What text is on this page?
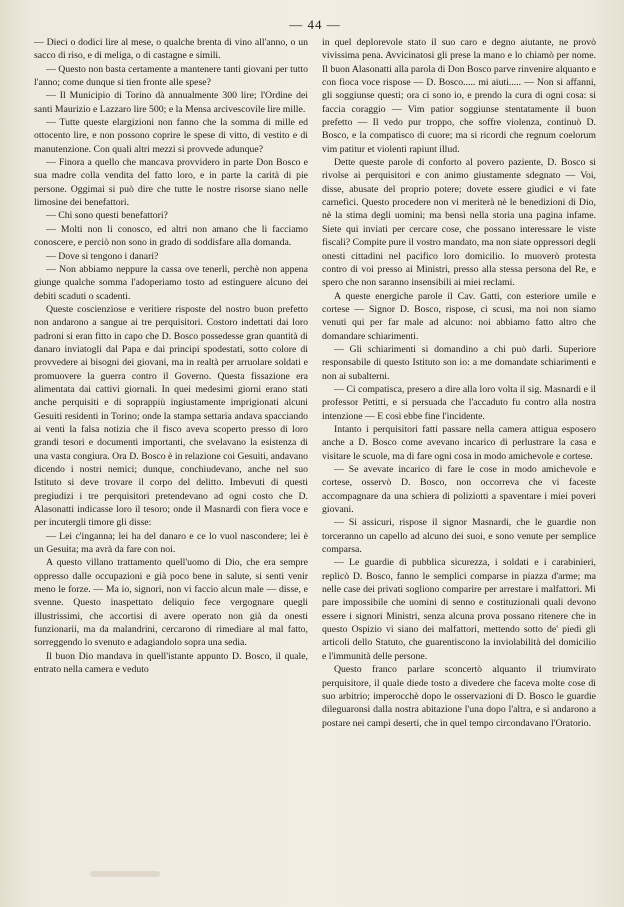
— 44 —

— Dieci o dodici lire al mese, o qualche brenta di vino all'anno, o un sacco di riso, e di meliga, o di castagne e simili.

— Questo non basta certamente a mantenere tanti giovani per tutto l'anno; come dunque si tien fronte alle spese?

— Il Municipio di Torino dà annualmente 300 lire; l'Ordine dei santi Maurizio e Lazzaro lire 500; e la Mensa arcivescovile lire mille.

— Tutte queste elargizioni non fanno che la somma di mille ed ottocento lire, e non possono coprire le spese di vitto, di vestito e di manutenzione. Con quali altri mezzi si provvede adunque?

— Finora a quello che mancava provvidero in parte Don Bosco e sua madre colla vendita del fatto loro, e in parte la carità di pie persone. Oggimai si può dire che tutte le nostre risorse siano nelle limosine dei benefattori.

— Chi sono questi benefattori?

— Molti non li conosco, ed altri non amano che li facciamo conoscere, e perciò non sono in grado di soddisfare alla domanda.

— Dove si tengono i danari?

— Non abbiamo neppure la cassa ove tenerli, perchè non appena giunge qualche somma l'adoperiamo tosto ad estinguere alcuno dei debiti scaduti o scadenti.

Queste coscienziose e veritiere risposte del nostro buon prefetto non andarono a sangue ai tre perquisitori. Costoro indettati dai loro padroni si eran fitto in capo che D. Bosco possedesse gran quantità di danaro inviatogli dal Papa e dai principi spodestati, sotto colore di provvedere ai bisogni dei giovani, ma in realtà per arruolare soldati e promuovere la guerra contro il Governo. Questa fissazione era alimentata dai cattivi giornali. In quei medesimi giorni erano stati anche perquisiti e di soprappiù ingiustamente imprigionati alcuni Gesuiti residenti in Torino; onde la stampa settaria andava spacciando ai venti la falsa notizia che il fisco aveva scoperto presso di loro grandi tesori e documenti importanti, che svelavano la esistenza di una vasta congiura. Ora D. Bosco è in relazione coi Gesuiti, andavano dicendo i nostri nemici; dunque, conchiudevano, anche nel suo Istituto si deve trovare il corpo del delitto. Imbevuti di questi pregiudizi i tre perquisitori pretendevano ad ogni costo che D. Alasonatti indicasse loro il tesoro; onde il Masnardi con fiera voce e per incutergli timore gli disse:

— Lei c'inganna; lei ha del danaro e ce lo vuol nascondere; lei è un Gesuita; ma avrà da fare con noi.

A questo villano trattamento quell'uomo di Dio, che era sempre oppresso dalle occupazioni e già poco bene in salute, si sentì venir meno le forze. — Ma io, signori, non vi faccio alcun male — disse, e svenne. Questo inaspettato deliquio fece vergognare quegli illustrissimi, che accortisi di avere operato non già da onesti funzionarii, ma da malandrini, cercarono di rimediare al mal fatto, sorreggendo lo svenuto e adagiandolo sopra una sedia.

Il buon Dio mandava in quell'istante appunto D. Bosco, il quale, entrato nella camera e veduto

in quel deplorevole stato il suo caro e degno aiutante, ne provò vivissima pena. Avvicinatosi gli prese la mano e lo chiamò per nome. Il buon Alasonatti alla parola di Don Bosco parve rinvenire alquanto e con fioca voce rispose — D. Bosco..... mi aiuti..... — Non si affanni, gli soggiunse questi; ora ci sono io, e prendo la cura di ogni cosa: si faccia coraggio — Vim patior soggiunse stentatamente il buon prefetto — Il vedo pur troppo, che soffre violenza, continuò D. Bosco, e la compatisco di cuore; ma si ricordi che regnum coelorum vim patitur et violenti rapiunt illud.

Dette queste parole di conforto al povero paziente, D. Bosco si rivolse ai perquisitori e con animo giustamente sdegnato — Voi, disse, abusate del proprio potere; dovete essere giudici e vi fate carnefici. Questo procedere non vi meriterà nè le benedizioni di Dio, nè la stima degli uomini; ma bensì nella storia una pagina infame. Siete qui inviati per cercare cose, che possano interessare le viste fiscali? Compite pure il vostro mandato, ma non siate oppressori degli onesti cittadini nel pacifico loro domicilio. Io muoverò protesta contro di voi presso ai Ministri, presso alla stessa persona del Re, e spero che non saranno insensibili ai miei reclami.

A queste energiche parole il Cav. Gatti, con esteriore umile e cortese — Signor D. Bosco, rispose, ci scusi, ma noi non siamo venuti qui per far male ad alcuno: noi abbiamo fatto altro che domandare schiarimenti.

— Gli schiarimenti si domandino a chi può darli. Superiore responsabile di questo Istituto son io: a me domandate schiarimenti e non ai subalterni.

— Ci compatisca, presero a dire alla loro volta il sig. Masnardi e il professor Petitti, e si persuada che l'accaduto fu contro alla nostra intenzione — E così ebbe fine l'incidente.

Intanto i perquisitori fatti passare nella camera attigua esposero anche a D. Bosco come avevano incarico di perlustrare la casa e visitare le scuole, ma di fare ogni cosa in modo amichevole e cortese.

— Se avevate incarico di fare le cose in modo amichevole e cortese, osservò D. Bosco, non occorreva che vi faceste accompagnare da una schiera di poliziotti a spaventare i miei poveri giovani.

— Si assicuri, rispose il signor Masnardi, che le guardie non torceranno un capello ad alcuno dei suoi, e sono venute per semplice comparsa.

— Le guardie di pubblica sicurezza, i soldati e i carabinieri, replicò D. Bosco, fanno le semplici comparse in piazza d'arme; ma nelle case dei privati sogliono comparire per arrestare i malfattori. Mi pare impossibile che uomini di senno e costituzionali quali devono essere i signori Ministri, senza alcuna prova possano ritenere che in questo Ospizio vi siano dei malfattori, mettendo sotto de' piedi gli articoli dello Statuto, che guarentiscono la inviolabilità del domicilio e l'immunità delle persone.

Questo franco parlare sconcertò alquanto il triumvirato perquisitore, il quale diede tosto a divedere che faceva molte cose di suo arbitrio; imperocchè dopo le osservazioni di D. Bosco le guardie dileguaronsi dalla nostra abitazione l'una dopo l'altra, e si andarono a postare nei campi deserti, che in quel tempo circondavano l'Oratorio.
